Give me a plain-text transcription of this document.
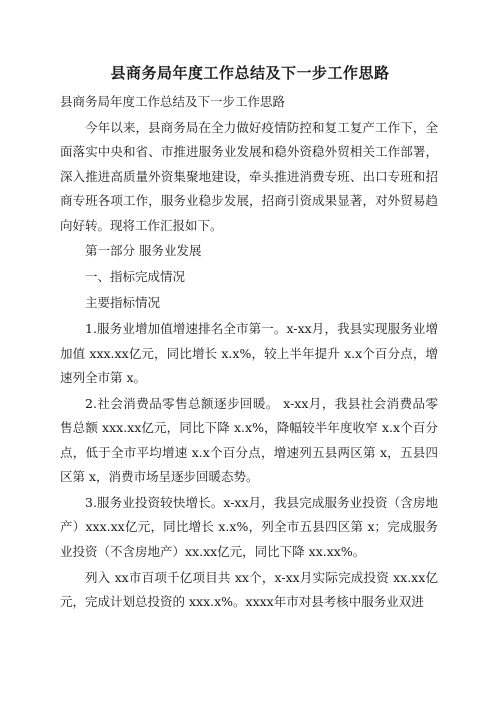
县商务局年度工作总结及下一步工作思路

县商务局年度工作总结及下一步工作思路

今年以来，县商务局在全力做好疫情防控和复工复产工作下，全面落实中央和省、市推进服务业发展和稳外资稳外贸相关工作部署，深入推进高质量外资集聚地建设，牵头推进消费专班、出口专班和招商专班各项工作，服务业稳步发展，招商引资成果显著，对外贸易趋向好转。现将工作汇报如下。

第一部分 服务业发展

一、指标完成情况

主要指标情况

1.服务业增加值增速排名全市第一。x-xx月，我县实现服务业增加值 xxx.xx亿元，同比增长 x.x%，较上半年提升 x.x个百分点，增速列全市第 x。

2.社会消费品零售总额逐步回暖。 x-xx月，我县社会消费品零售总额 xxx.xx亿元，同比下降 x.x%，降幅较半年度收窄 x.x个百分点，低于全市平均增速 x.x个百分点，增速列五县两区第 x，五县四区第 x，消费市场呈逐步回暖态势。

3.服务业投资较快增长。x-xx月，我县完成服务业投资（含房地产）xxx.xx亿元，同比增长 x.x%，列全市五县四区第 x；完成服务业投资（不含房地产）xx.xx亿元，同比下降 xx.xx%。

列入 xx市百项千亿项目共 xx个，x-xx月实际完成投资 xx.xx亿元，完成计划总投资的 xxx.x%。xxxx年市对县考核中服务业双进
